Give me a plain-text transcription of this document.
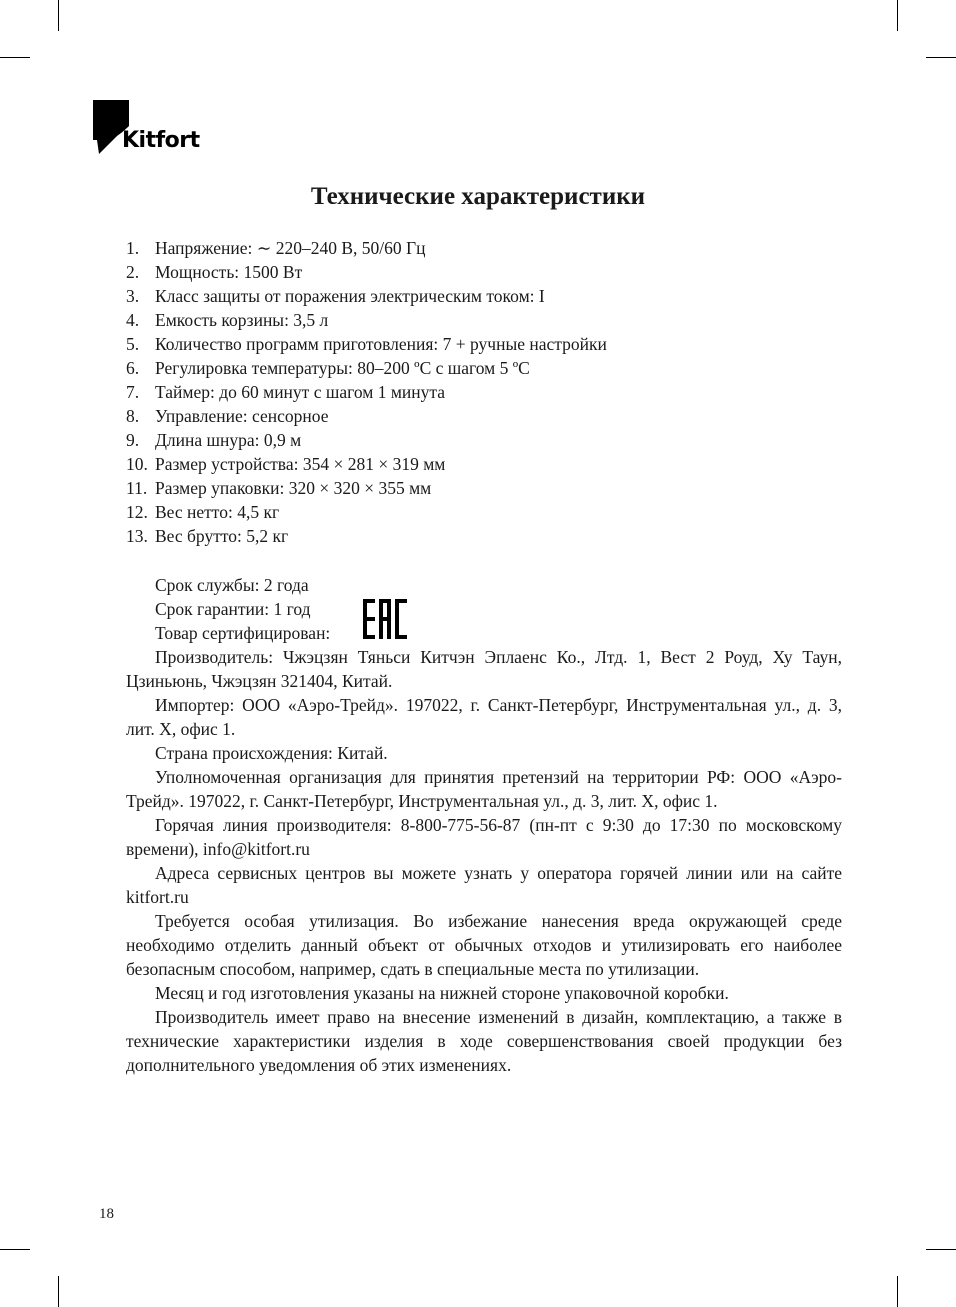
Kitfort
Технические характеристики
1. Напряжение: ∼ 220–240 В, 50/60 Гц
2. Мощность: 1500 Вт
3. Класс защиты от поражения электрическим током: I
4. Емкость корзины: 3,5 л
5. Количество программ приготовления: 7 + ручные настройки
6. Регулировка температуры: 80–200 ºС с шагом 5 ºС
7. Таймер: до 60 минут с шагом 1 минута
8. Управление: сенсорное
9. Длина шнура: 0,9 м
10. Размер устройства: 354 × 281 × 319 мм
11. Размер упаковки: 320 × 320 × 355 мм
12. Вес нетто: 4,5 кг
13. Вес брутто: 5,2 кг

Срок службы: 2 года

Срок гарантии: 1 год

Товар сертифицирован:

Производитель: Чжэцзян Тяньси Китчэн Эплаенс Ко., Лтд. 1, Вест 2 Роуд, Ху Таун, Цзиньюнь, Чжэцзян 321404, Китай.

Импортер: ООО «Аэро-Трейд». 197022, г. Санкт-Петербург, Инструментальная ул., д. 3, лит. Х, офис 1.

Страна происхождения: Китай.

Уполномоченная организация для принятия претензий на территории РФ: ООО «Аэро-Трейд». 197022, г. Санкт-Петербург, Инструментальная ул., д. 3, лит. Х, офис 1.

Горячая линия производителя: 8-800-775-56-87 (пн-пт с 9:30 до 17:30 по московскому времени), info@kitfort.ru

Адреса сервисных центров вы можете узнать у оператора горячей линии или на сайте kitfort.ru

Требуется особая утилизация. Во избежание нанесения вреда окружающей среде необходимо отделить данный объект от обычных отходов и утилизировать его наиболее безопасным способом, например, сдать в специальные места по утилизации.

Месяц и год изготовления указаны на нижней стороне упаковочной коробки.

Производитель имеет право на внесение изменений в дизайн, комплектацию, а также в технические характеристики изделия в ходе совершенствования своей продукции без дополнительного уведомления об этих изменениях.

18
